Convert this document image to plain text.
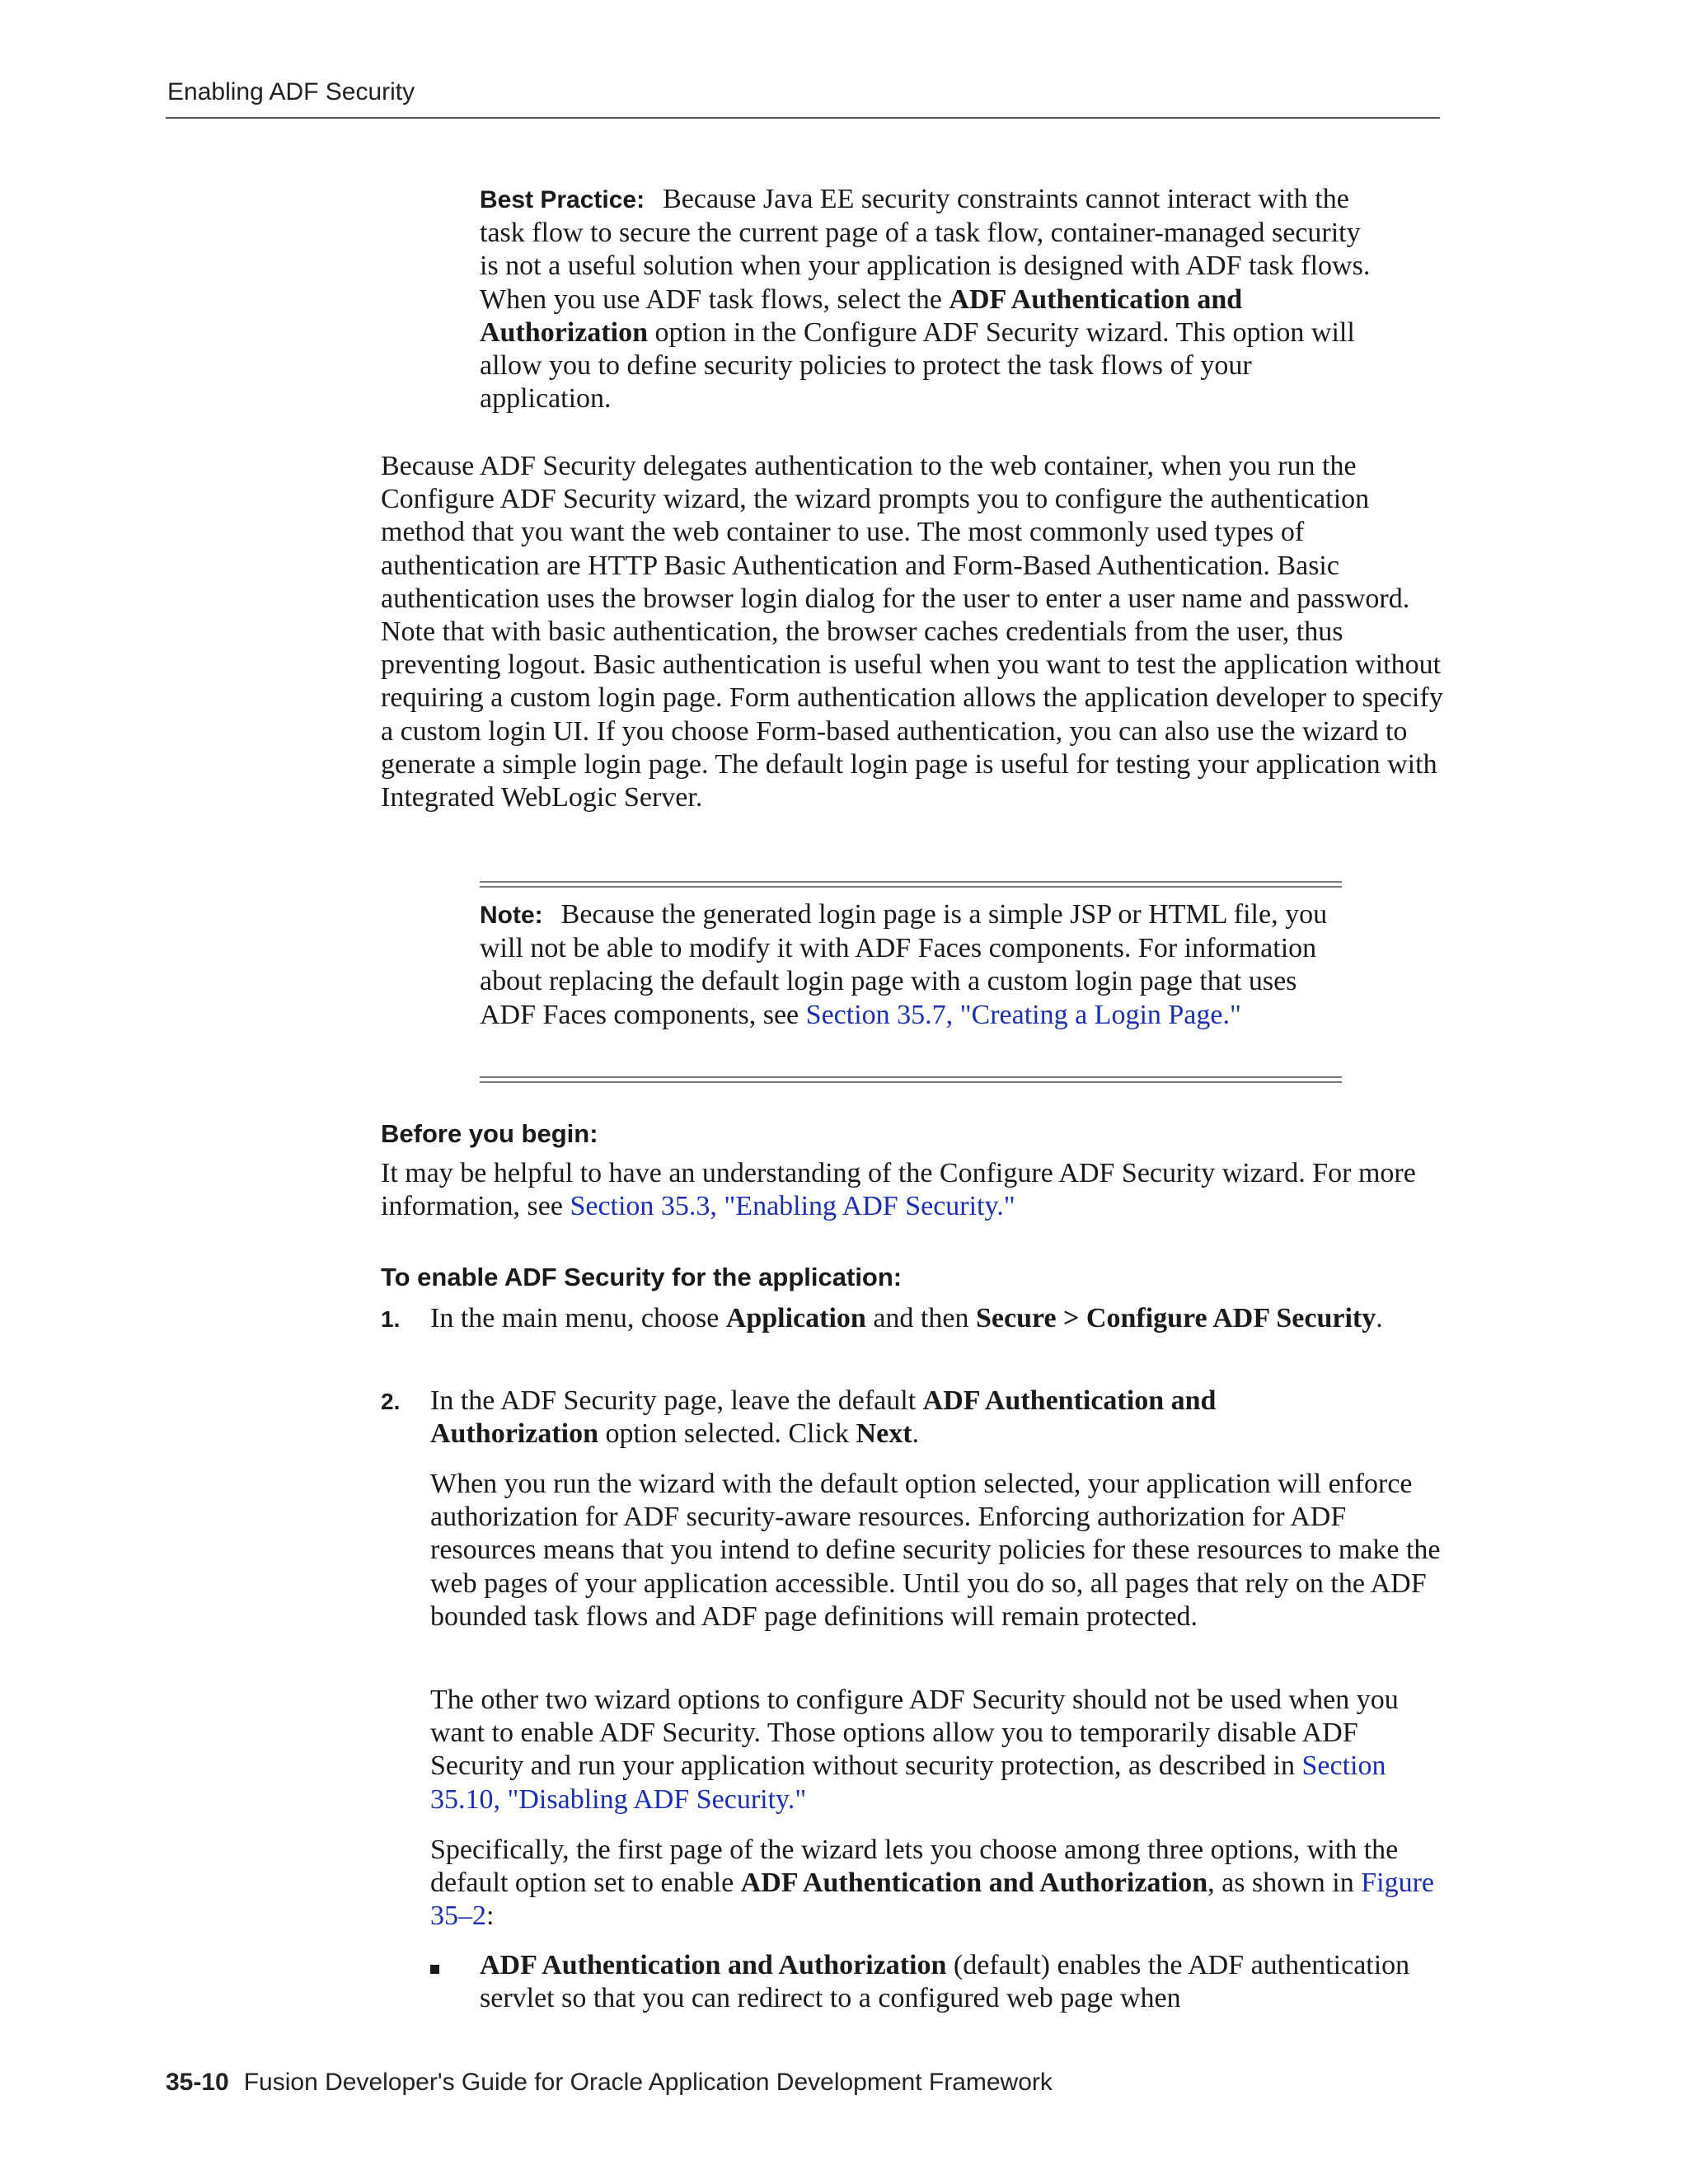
Enabling ADF Security
Best Practice: Because Java EE security constraints cannot interact with the task flow to secure the current page of a task flow, container-managed security is not a useful solution when your application is designed with ADF task flows. When you use ADF task flows, select the ADF Authentication and Authorization option in the Configure ADF Security wizard. This option will allow you to define security policies to protect the task flows of your application.
Because ADF Security delegates authentication to the web container, when you run the Configure ADF Security wizard, the wizard prompts you to configure the authentication method that you want the web container to use. The most commonly used types of authentication are HTTP Basic Authentication and Form-Based Authentication. Basic authentication uses the browser login dialog for the user to enter a user name and password. Note that with basic authentication, the browser caches credentials from the user, thus preventing logout. Basic authentication is useful when you want to test the application without requiring a custom login page. Form authentication allows the application developer to specify a custom login UI. If you choose Form-based authentication, you can also use the wizard to generate a simple login page. The default login page is useful for testing your application with Integrated WebLogic Server.
Note: Because the generated login page is a simple JSP or HTML file, you will not be able to modify it with ADF Faces components. For information about replacing the default login page with a custom login page that uses ADF Faces components, see Section 35.7, "Creating a Login Page."
Before you begin:
It may be helpful to have an understanding of the Configure ADF Security wizard. For more information, see Section 35.3, "Enabling ADF Security."
To enable ADF Security for the application:
1. In the main menu, choose Application and then Secure > Configure ADF Security.
2. In the ADF Security page, leave the default ADF Authentication and Authorization option selected. Click Next.
When you run the wizard with the default option selected, your application will enforce authorization for ADF security-aware resources. Enforcing authorization for ADF resources means that you intend to define security policies for these resources to make the web pages of your application accessible. Until you do so, all pages that rely on the ADF bounded task flows and ADF page definitions will remain protected.
The other two wizard options to configure ADF Security should not be used when you want to enable ADF Security. Those options allow you to temporarily disable ADF Security and run your application without security protection, as described in Section 35.10, "Disabling ADF Security."
Specifically, the first page of the wizard lets you choose among three options, with the default option set to enable ADF Authentication and Authorization, as shown in Figure 35–2:
ADF Authentication and Authorization (default) enables the ADF authentication servlet so that you can redirect to a configured web page when
35-10 Fusion Developer's Guide for Oracle Application Development Framework
